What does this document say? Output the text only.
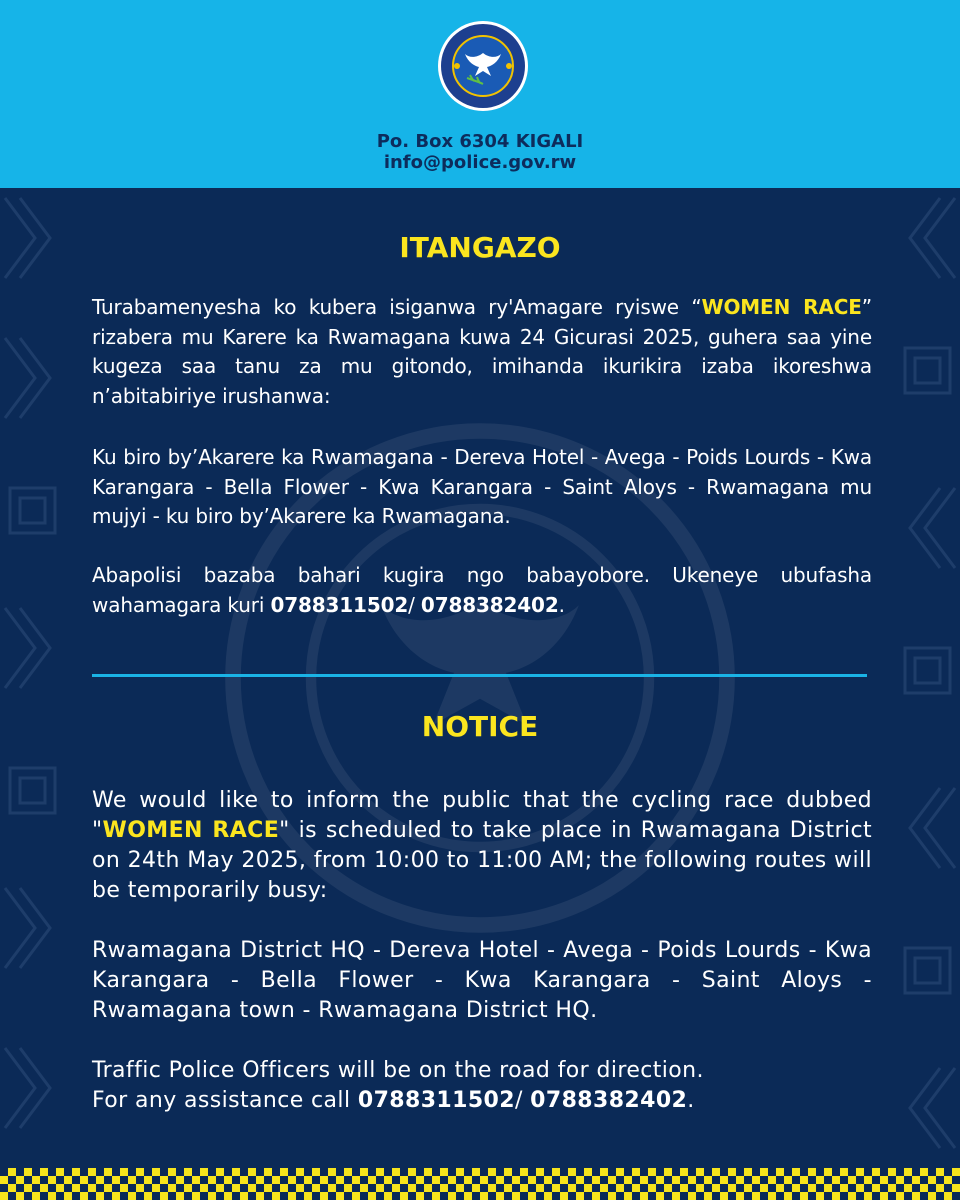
Po. Box 6304 KIGALI
info@police.gov.rw
ITANGAZO

Turabamenyesha ko kubera isiganwa ry'Amagare ryiswe “WOMEN RACE” rizabera mu Karere ka Rwamagana kuwa 24 Gicurasi 2025, guhera saa yine kugeza saa tanu za mu gitondo, imihanda ikurikira izaba ikoreshwa n’abitabiriye irushanwa:

Ku biro by’Akarere ka Rwamagana - Dereva Hotel - Avega - Poids Lourds - Kwa Karangara - Bella Flower - Kwa Karangara - Saint Aloys - Rwamagana mu mujyi - ku biro by’Akarere ka Rwamagana.

Abapolisi bazaba bahari kugira ngo babayobore. Ukeneye ubufasha wahamagara kuri 0788311502/ 0788382402.

NOTICE

We would like to inform the public that the cycling race dubbed "WOMEN RACE" is scheduled to take place in Rwamagana District on 24th May 2025, from 10:00 to 11:00 AM; the following routes will be temporarily busy:

Rwamagana District HQ - Dereva Hotel - Avega - Poids Lourds - Kwa Karangara - Bella Flower - Kwa Karangara - Saint Aloys - Rwamagana town - Rwamagana District HQ.

Traffic Police Officers will be on the road for direction.
For any assistance call 0788311502/ 0788382402.
